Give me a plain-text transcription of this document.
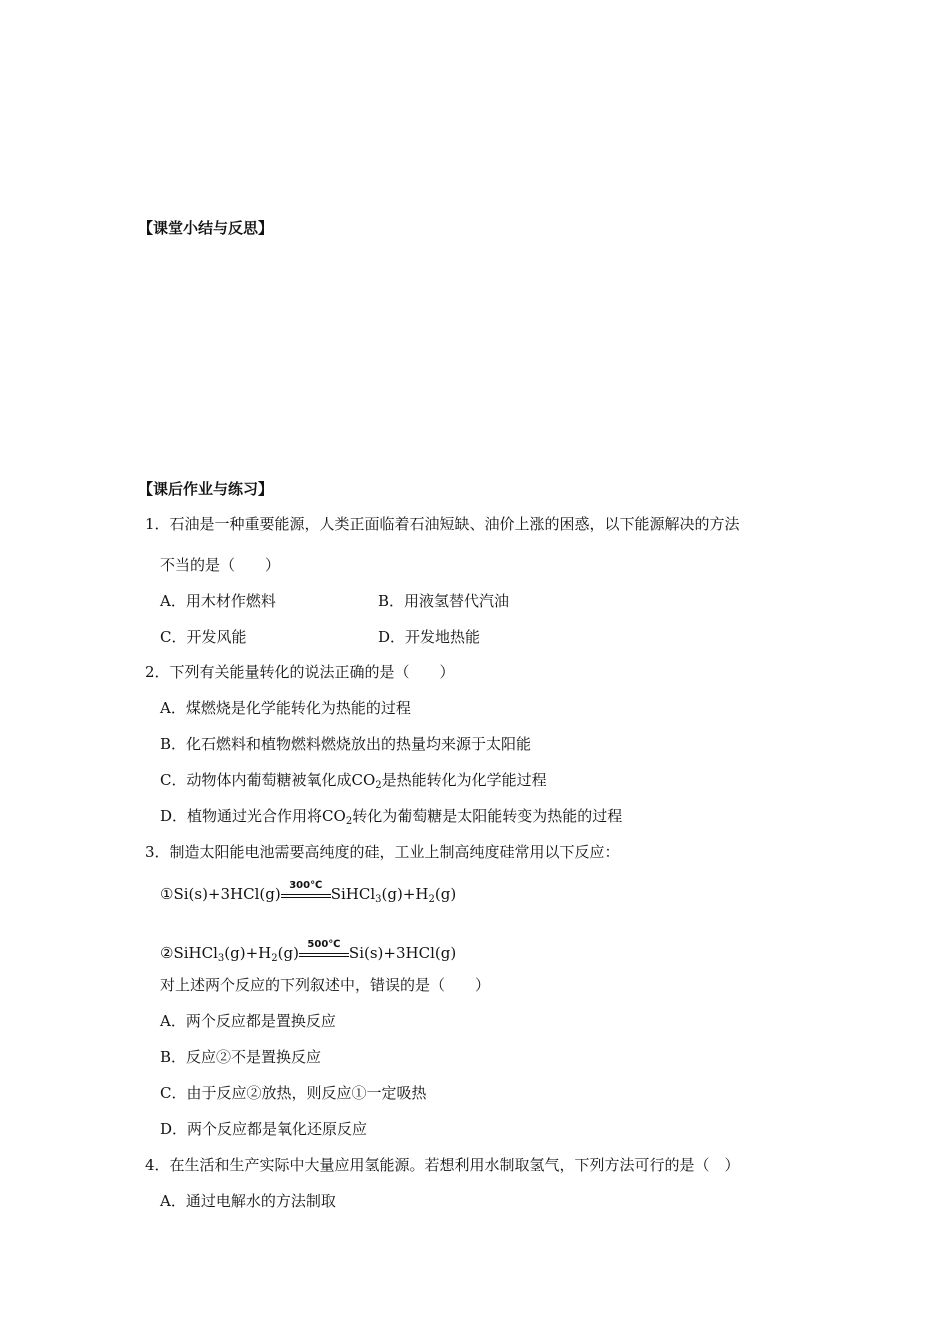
【课堂小结与反思】
【课后作业与练习】
1．石油是一种重要能源，人类正面临着石油短缺、油价上涨的困惑，以下能源解决的方法
不当的是（　　）
A．用木材作燃料	B．用液氢替代汽油
C．开发风能	D．开发地热能
2．下列有关能量转化的说法正确的是（　　）
A．煤燃烧是化学能转化为热能的过程
B．化石燃料和植物燃料燃烧放出的热量均来源于太阳能
C．动物体内葡萄糖被氧化成$CO_2$是热能转化为化学能过程
D．植物通过光合作用将$CO_2$转化为葡萄糖是太阳能转变为热能的过程
3．制造太阳能电池需要高纯度的硅，工业上制高纯度硅常用以下反应：
①Si(s)+3HCl(g) 300℃ $SiHCl_3(g)+H_2(g)$
$②SiHCl_3(g)+H_2(g)$ 500℃ Si(s)+3HCl(g)
对上述两个反应的下列叙述中，错误的是（　　）
A．两个反应都是置换反应
B．反应②不是置换反应
C．由于反应②放热，则反应①一定吸热
D．两个反应都是氧化还原反应
4．在生活和生产实际中大量应用氢能源。若想利用水制取氢气，下列方法可行的是（　）
A．通过电解水的方法制取
